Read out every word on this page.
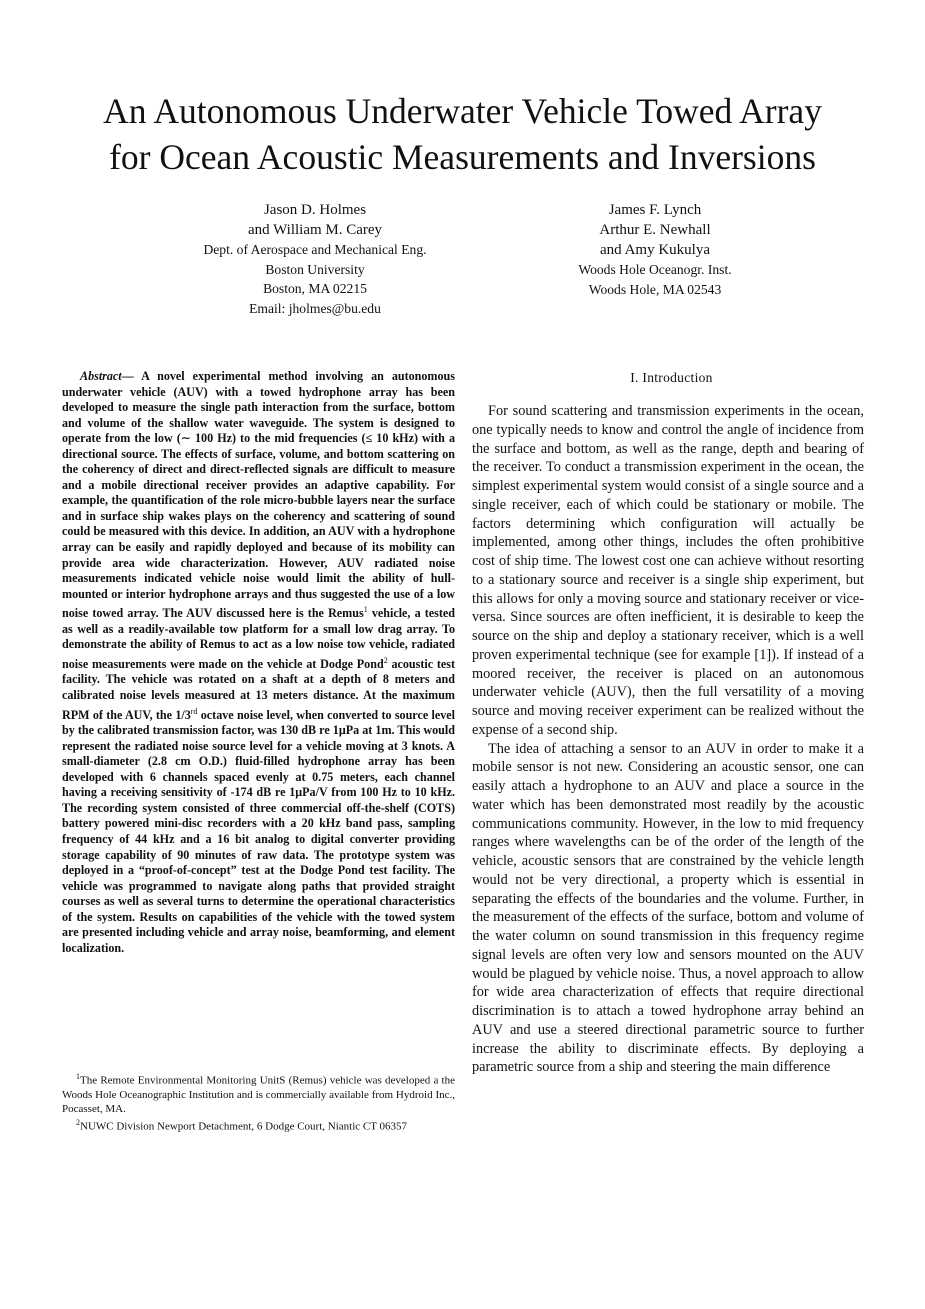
An Autonomous Underwater Vehicle Towed Array
for Ocean Acoustic Measurements and Inversions
Jason D. Holmes
and William M. Carey
Dept. of Aerospace and Mechanical Eng.
Boston University
Boston, MA 02215
Email: jholmes@bu.edu
James F. Lynch
Arthur E. Newhall
and Amy Kukulya
Woods Hole Oceanogr. Inst.
Woods Hole, MA 02543

Abstract— A novel experimental method involving an autonomous underwater vehicle (AUV) with a towed hydrophone array has been developed to measure the single path interaction from the surface, bottom and volume of the shallow water waveguide. The system is designed to operate from the low (∼ 100 Hz) to the mid frequencies (≤ 10 kHz) with a directional source. The effects of surface, volume, and bottom scattering on the coherency of direct and direct-reflected signals are difficult to measure and a mobile directional receiver provides an adaptive capability. For example, the quantification of the role micro-bubble layers near the surface and in surface ship wakes plays on the coherency and scattering of sound could be measured with this device. In addition, an AUV with a hydrophone array can be easily and rapidly deployed and because of its mobility can provide area wide characterization. However, AUV radiated noise measurements indicated vehicle noise would limit the ability of hull-mounted or interior hydrophone arrays and thus suggested the use of a low noise towed array. The AUV discussed here is the Remus$^1$ vehicle, a tested as well as a readily-available tow platform for a small low drag array. To demonstrate the ability of Remus to act as a low noise tow vehicle, radiated noise measurements were made on the vehicle at Dodge Pond$^2$ acoustic test facility. The vehicle was rotated on a shaft at a depth of 8 meters and calibrated noise levels measured at 13 meters distance. At the maximum RPM of the AUV, the 1/3rd octave noise level, when converted to source level by the calibrated transmission factor, was 130 dB re 1μPa at 1m. This would represent the radiated noise source level for a vehicle moving at 3 knots. A small-diameter (2.8 cm O.D.) fluid-filled hydrophone array has been developed with 6 channels spaced evenly at 0.75 meters, each channel having a receiving sensitivity of -174 dB re 1μPa/V from 100 Hz to 10 kHz. The recording system consisted of three commercial off-the-shelf (COTS) battery powered mini-disc recorders with a 20 kHz band pass, sampling frequency of 44 kHz and a 16 bit analog to digital converter providing storage capability of 90 minutes of raw data. The prototype system was deployed in a “proof-of-concept” test at the Dodge Pond test facility. The vehicle was programmed to navigate along paths that provided straight courses as well as several turns to determine the operational characteristics of the system. Results on capabilities of the vehicle with the towed system are presented including vehicle and array noise, beamforming, and element localization.

$^1$The Remote Environmental Monitoring UnitS (Remus) vehicle was developed a the Woods Hole Oceanographic Institution and is commercially available from Hydroid Inc., Pocasset, MA.

$^2$NUWC Division Newport Detachment, 6 Dodge Court, Niantic CT 06357

I. Introduction

For sound scattering and transmission experiments in the ocean, one typically needs to know and control the angle of incidence from the surface and bottom, as well as the range, depth and bearing of the receiver. To conduct a transmission experiment in the ocean, the simplest experimental system would consist of a single source and a single receiver, each of which could be stationary or mobile. The factors determining which configuration will actually be implemented, among other things, includes the often prohibitive cost of ship time. The lowest cost one can achieve without resorting to a stationary source and receiver is a single ship experiment, but this allows for only a moving source and stationary receiver or vice-versa. Since sources are often inefficient, it is desirable to keep the source on the ship and deploy a stationary receiver, which is a well proven experimental technique (see for example [1]). If instead of a moored receiver, the receiver is placed on an autonomous underwater vehicle (AUV), then the full versatility of a moving source and moving receiver experiment can be realized without the expense of a second ship.

The idea of attaching a sensor to an AUV in order to make it a mobile sensor is not new. Considering an acoustic sensor, one can easily attach a hydrophone to an AUV and place a source in the water which has been demonstrated most readily by the acoustic communications community. However, in the low to mid frequency ranges where wavelengths can be of the order of the length of the vehicle, acoustic sensors that are constrained by the vehicle length would not be very directional, a property which is essential in separating the effects of the boundaries and the volume. Further, in the measurement of the effects of the surface, bottom and volume of the water column on sound transmission in this frequency regime signal levels are often very low and sensors mounted on the AUV would be plagued by vehicle noise. Thus, a novel approach to allow for wide area characterization of effects that require directional discrimination is to attach a towed hydrophone array behind an AUV and use a steered directional parametric source to further increase the ability to discriminate effects. By deploying a parametric source from a ship and steering the main difference
